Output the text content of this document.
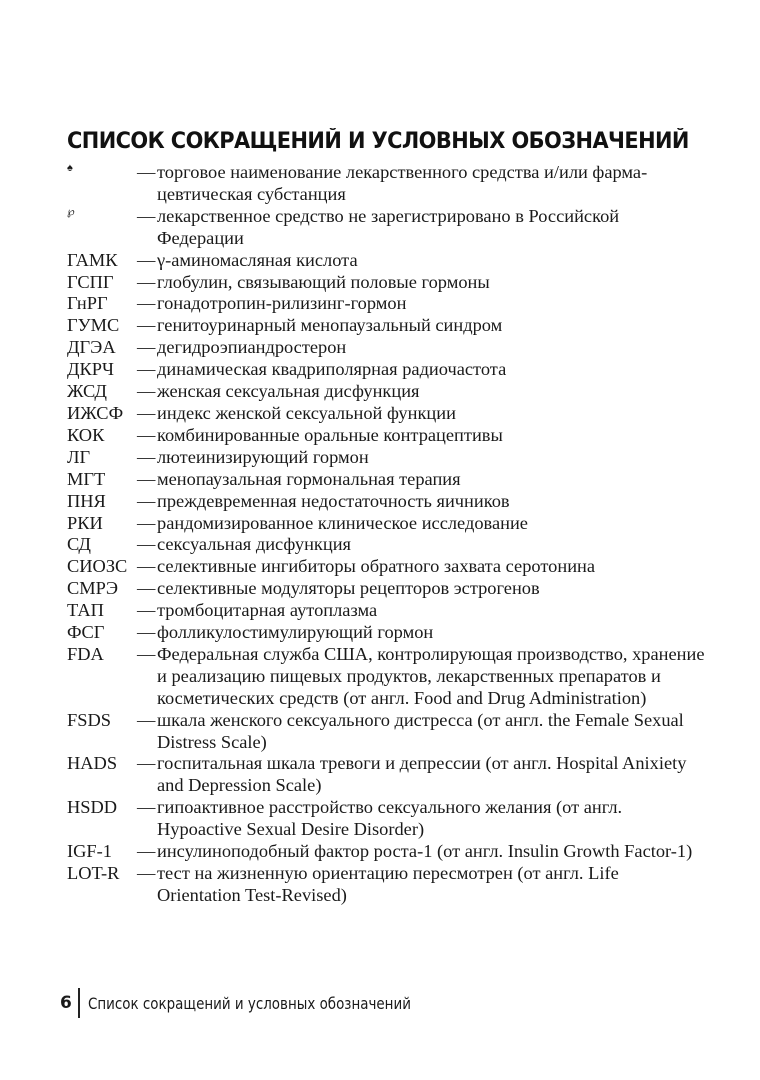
СПИСОК СОКРАЩЕНИЙ И УСЛОВНЫХ ОБОЗНАЧЕНИЙ
♠	— торговое наименование лекарственного средства и/или фарма-цевтическая субстанция
℘	— лекарственное средство не зарегистрировано в Российской Федерации
ГАМК	— γ-аминомасляная кислота
ГСПГ	— глобулин, связывающий половые гормоны
ГнРГ	— гонадотропин-рилизинг-гормон
ГУМС — генитоуринарный менопаузальный синдром
ДГЭА	— дегидроэпиандростерон
ДКРЧ	— динамическая квадриполярная радиочастота
ЖСД	— женская сексуальная дисфункция
ИЖСФ — индекс женской сексуальной функции
КОК	— комбинированные оральные контрацептивы
ЛГ	— лютеинизирующий гормон
МГТ	— менопаузальная гормональная терапия
ПНЯ	— преждевременная недостаточность яичников
РКИ	— рандомизированное клиническое исследование
СД	— сексуальная дисфункция
СИОЗС — селективные ингибиторы обратного захвата серотонина
СМРЭ	— селективные модуляторы рецепторов эстрогенов
ТАП	— тромбоцитарная аутоплазма
ФСГ	— фолликулостимулирующий гормон
FDA	— Федеральная служба США, контролирующая производство, хранение и реализацию пищевых продуктов, лекарственных препаратов и косметических средств (от англ. Food and Drug Administration)
FSDS	— шкала женского сексуального дистресса (от англ. the Female Sexual Distress Scale)
HADS	— госпитальная шкала тревоги и депрессии (от англ. Hospital Anixiety and Depression Scale)
HSDD	— гипоактивное расстройство сексуального желания (от англ. Hypoactive Sexual Desire Disorder)
IGF-1	— инсулиноподобный фактор роста-1 (от англ. Insulin Growth Factor-1)
LOT-R — тест на жизненную ориентацию пересмотрен (от англ. Life Orientation Test-Revised)
6 Список сокращений и условных обозначений
